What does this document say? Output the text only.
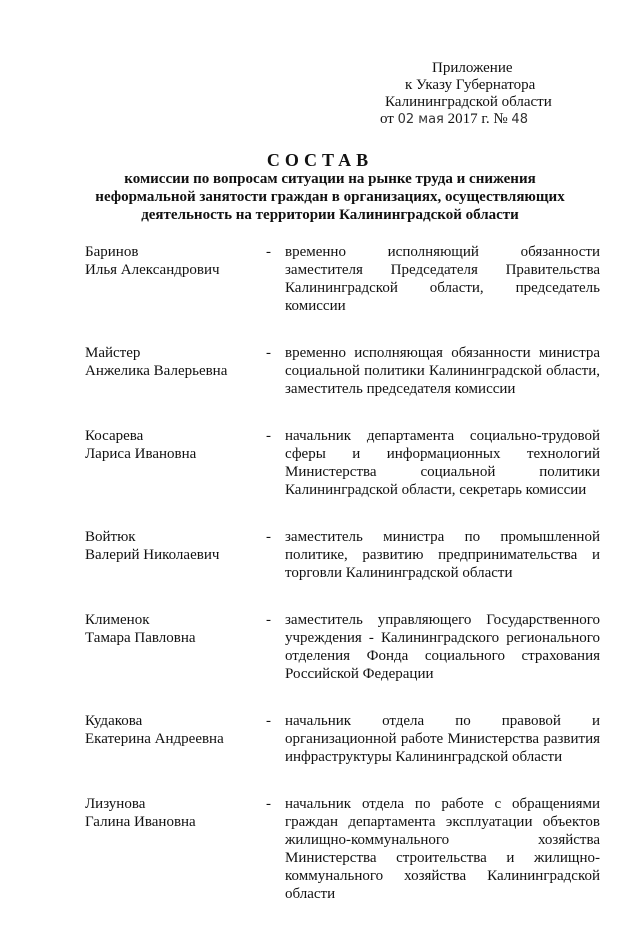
Приложение
к Указу Губернатора
Калининградской области
от 02 мая 2017 г. № 48
СОСТАВ
комиссии по вопросам ситуации на рынке труда и снижения неформальной занятости граждан в организациях, осуществляющих деятельность на территории Калининградской области
Баринов
Илья Александрович
- временно исполняющий обязанности заместителя Председателя Правительства Калининградской области, председатель комиссии
Майстер
Анжелика Валерьевна
- временно исполняющая обязанности министра социальной политики Калининградской области, заместитель председателя комиссии
Косарева
Лариса Ивановна
- начальник департамента социально-трудовой сферы и информационных технологий Министерства социальной политики Калининградской области, секретарь комиссии
Войтюк
Валерий Николаевич
- заместитель министра по промышленной политике, развитию предпринимательства и торговли Калининградской области
Клименок
Тамара Павловна
- заместитель управляющего Государственного учреждения - Калининградского регионального отделения Фонда социального страхования Российской Федерации
Кудакова
Екатерина Андреевна
- начальник отдела по правовой и организационной работе Министерства развития инфраструктуры Калининградской области
Лизунова
Галина Ивановна
- начальник отдела по работе с обращениями граждан департамента эксплуатации объектов жилищно-коммунального хозяйства Министерства строительства и жилищно-коммунального хозяйства Калининградской области
